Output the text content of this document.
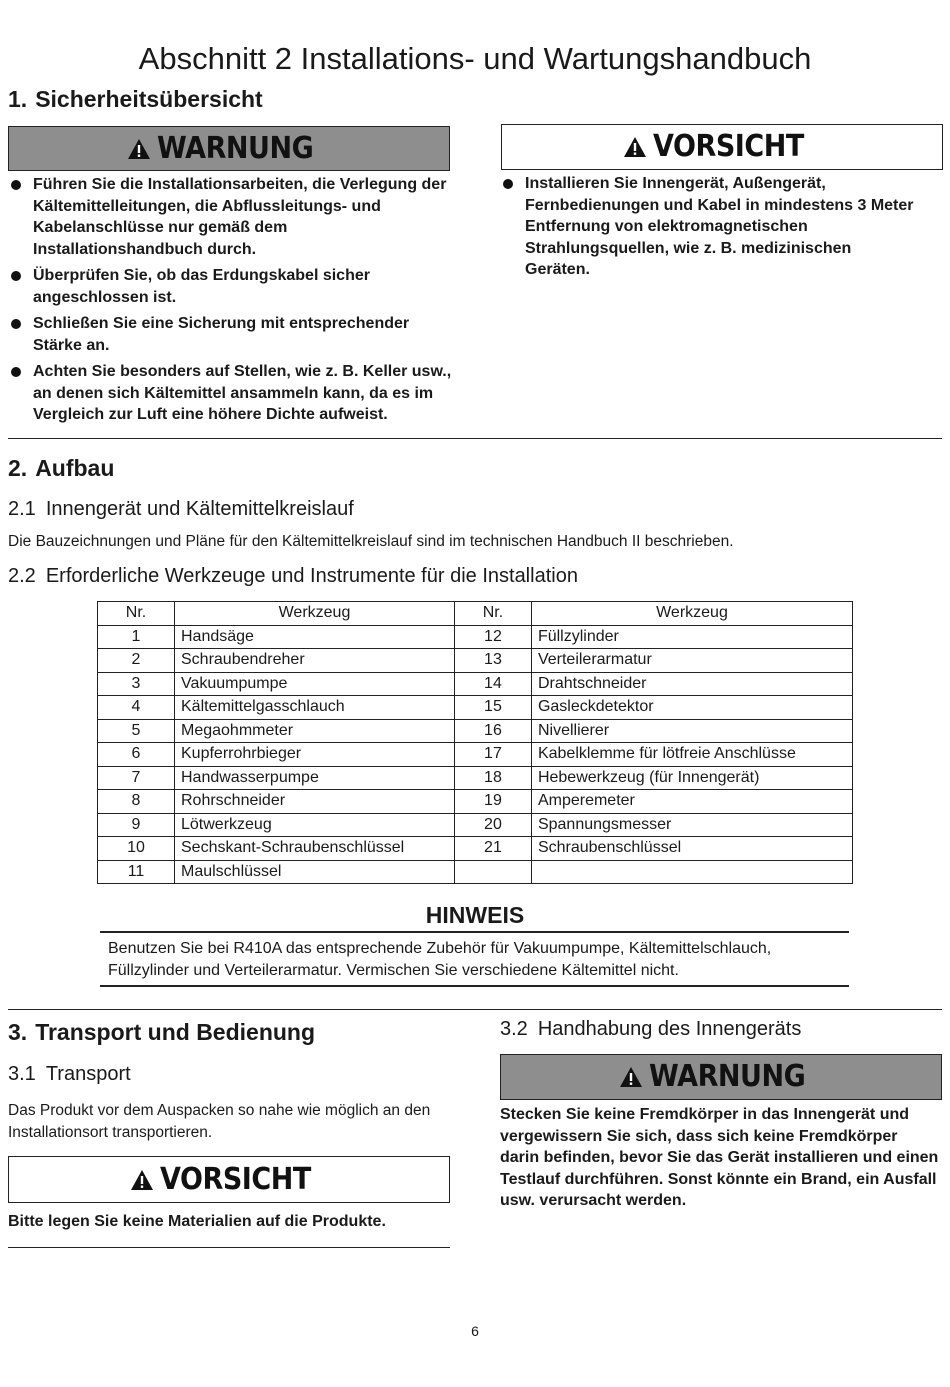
Abschnitt 2 Installations- und Wartungshandbuch
1. Sicherheitsübersicht
WARNUNG
Führen Sie die Installationsarbeiten, die Verlegung der Kältemittelleitungen, die Abflussleitungs- und Kabelanschlüsse nur gemäß dem Installationshandbuch durch.
Überprüfen Sie, ob das Erdungskabel sicher angeschlossen ist.
Schließen Sie eine Sicherung mit entsprechender Stärke an.
Achten Sie besonders auf Stellen, wie z. B. Keller usw., an denen sich Kältemittel ansammeln kann, da es im Vergleich zur Luft eine höhere Dichte aufweist.
VORSICHT
Installieren Sie Innengerät, Außengerät, Fernbedienungen und Kabel in mindestens 3 Meter Entfernung von elektromagnetischen Strahlungsquellen, wie z. B. medizinischen Geräten.
2. Aufbau
2.1 Innengerät und Kältemittelkreislauf
Die Bauzeichnungen und Pläne für den Kältemittelkreislauf sind im technischen Handbuch II beschrieben.
2.2 Erforderliche Werkzeuge und Instrumente für die Installation
Nr.	Werkzeug	Nr.	Werkzeug
1	Handsäge	12	Füllzylinder
2	Schraubendreher	13	Verteilerarmatur
3	Vakuumpumpe	14	Drahtschneider
4	Kältemittelgasschlauch	15	Gasleckdetektor
5	Megaohmmeter	16	Nivellierer
6	Kupferrohrbieger	17	Kabelklemme für lötfreie Anschlüsse
7	Handwasserpumpe	18	Hebewerkzeug (für Innengerät)
8	Rohrschneider	19	Amperemeter
9	Lötwerkzeug	20	Spannungsmesser
10	Sechskant-Schraubenschlüssel	21	Schraubenschlüssel
11	Maulschlüssel		
HINWEIS
Benutzen Sie bei R410A das entsprechende Zubehör für Vakuumpumpe, Kältemittelschlauch, Füllzylinder und Verteilerarmatur. Vermischen Sie verschiedene Kältemittel nicht.
3. Transport und Bedienung
3.1 Transport
Das Produkt vor dem Auspacken so nahe wie möglich an den Installationsort transportieren.
VORSICHT
Bitte legen Sie keine Materialien auf die Produkte.
3.2 Handhabung des Innengeräts
WARNUNG
Stecken Sie keine Fremdkörper in das Innengerät und vergewissern Sie sich, dass sich keine Fremdkörper darin befinden, bevor Sie das Gerät installieren und einen Testlauf durchführen. Sonst könnte ein Brand, ein Ausfall usw. verursacht werden.
6
